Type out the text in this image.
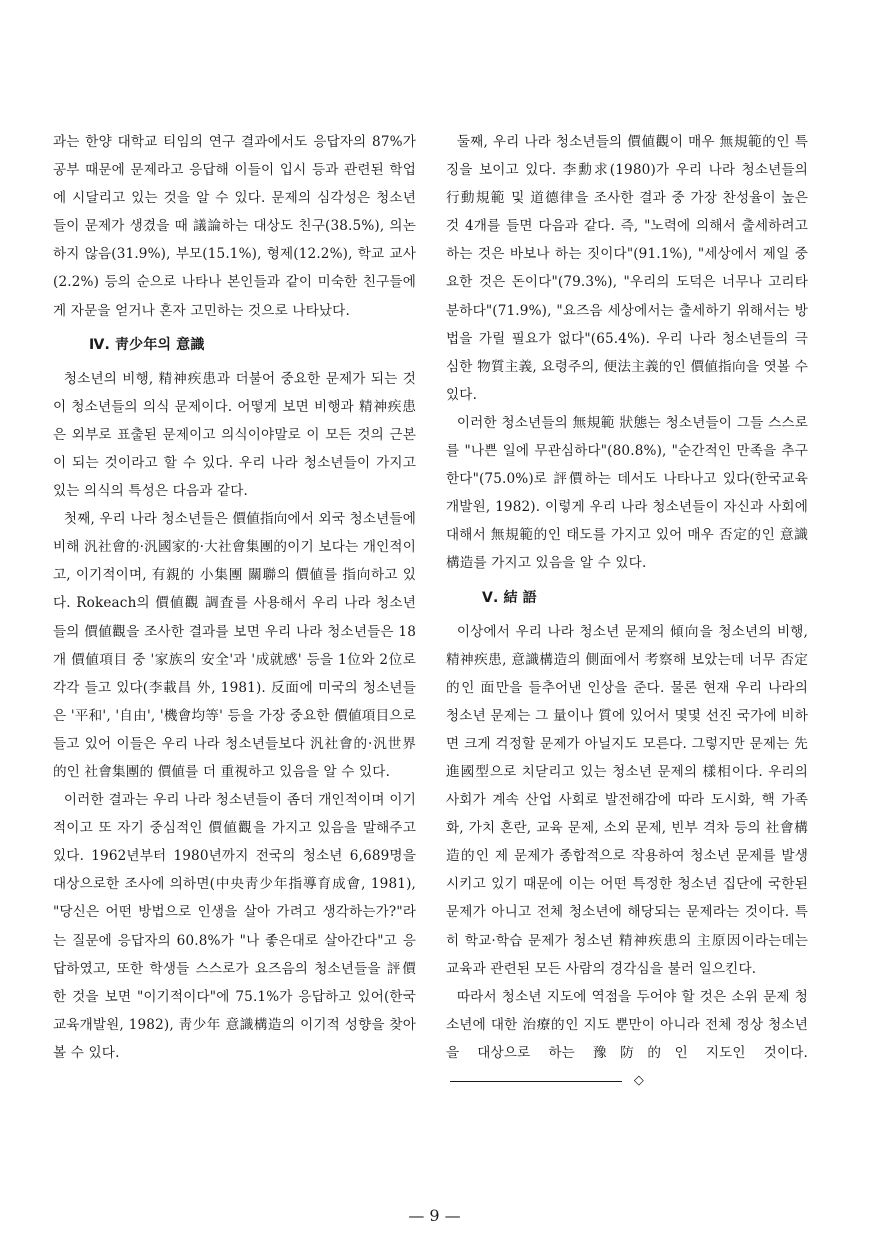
과는 한양 대학교 티임의 연구 결과에서도 응답자의 87%가 공부 때문에 문제라고 응답해 이들이 입시 등과 관련된 학업에 시달리고 있는 것을 알 수 있다. 문제의 심각성은 청소년들이 문제가 생겼을 때 議論하는 대상도 친구(38.5%), 의논하지 않음(31.9%), 부모(15.1%), 형제(12.2%), 학교 교사(2.2%) 등의 순으로 나타나 본인들과 같이 미숙한 친구들에게 자문을 얻거나 혼자 고민하는 것으로 나타났다.

Ⅳ. 靑少年의 意識

청소년의 비행, 精神疾患과 더불어 중요한 문제가 되는 것이 청소년들의 의식 문제이다. 어떻게 보면 비행과 精神疾患은 외부로 표출된 문제이고 의식이야말로 이 모든 것의 근본이 되는 것이라고 할 수 있다. 우리 나라 청소년들이 가지고 있는 의식의 특성은 다음과 같다.

첫째, 우리 나라 청소년들은 價値指向에서 외국 청소년들에 비해 汎社會的·汎國家的·大社會集團的이기 보다는 개인적이고, 이기적이며, 有親的 小集團 關聯의 價値를 指向하고 있다. Rokeach의 價値觀 調査를 사용해서 우리 나라 청소년들의 價値觀을 조사한 결과를 보면 우리 나라 청소년들은 18개 價値項目 중 '家族의 安全'과 '成就感' 등을 1位와 2位로 각각 들고 있다(李載昌 外, 1981). 反面에 미국의 청소년들은 '平和', '自由', '機會均等' 등을 가장 중요한 價値項目으로 들고 있어 이들은 우리 나라 청소년들보다 汎社會的·汎世界的인 社會集團的 價値를 더 重視하고 있음을 알 수 있다.

이러한 결과는 우리 나라 청소년들이 좀더 개인적이며 이기적이고 또 자기 중심적인 價値觀을 가지고 있음을 말해주고 있다. 1962년부터 1980년까지 전국의 청소년 6,689명을 대상으로한 조사에 의하면(中央靑少年指導育成會, 1981), "당신은 어떤 방법으로 인생을 살아 가려고 생각하는가?"라는 질문에 응답자의 60.8%가 "나 좋은대로 살아간다"고 응답하였고, 또한 학생들 스스로가 요즈음의 청소년들을 評價한 것을 보면 "이기적이다"에 75.1%가 응답하고 있어(한국교육개발원, 1982), 靑少年 意識構造의 이기적 성향을 찾아볼 수 있다.

둘째, 우리 나라 청소년들의 價値觀이 매우 無規範的인 특징을 보이고 있다. 李勳求(1980)가 우리 나라 청소년들의 行動規範 및 道德律을 조사한 결과 중 가장 찬성율이 높은 것 4개를 들면 다음과 같다. 즉, "노력에 의해서 출세하려고 하는 것은 바보나 하는 짓이다"(91.1%), "세상에서 제일 중요한 것은 돈이다"(79.3%), "우리의 도덕은 너무나 고리타분하다"(71.9%), "요즈음 세상에서는 출세하기 위해서는 방법을 가릴 필요가 없다"(65.4%). 우리 나라 청소년들의 극심한 物質主義, 요령주의, 便法主義的인 價値指向을 엿볼 수 있다.

이러한 청소년들의 無規範 狀態는 청소년들이 그들 스스로를 "나쁜 일에 무관심하다"(80.8%), "순간적인 만족을 추구한다"(75.0%)로 評價하는 데서도 나타나고 있다(한국교육개발원, 1982). 이렇게 우리 나라 청소년들이 자신과 사회에 대해서 無規範的인 태도를 가지고 있어 매우 否定的인 意識構造를 가지고 있음을 알 수 있다.

Ⅴ. 結 語

이상에서 우리 나라 청소년 문제의 傾向을 청소년의 비행, 精神疾患, 意識構造의 側面에서 考察해 보았는데 너무 否定的인 面만을 들추어낸 인상을 준다. 물론 현재 우리 나라의 청소년 문제는 그 量이나 質에 있어서 몇몇 선진 국가에 비하면 크게 걱정할 문제가 아닐지도 모른다. 그렇지만 문제는 先進國型으로 치닫리고 있는 청소년 문제의 樣相이다. 우리의 사회가 계속 산업 사회로 발전해감에 따라 도시화, 핵 가족화, 가치 혼란, 교육 문제, 소외 문제, 빈부 격차 등의 社會構造的인 제 문제가 종합적으로 작용하여 청소년 문제를 발생시키고 있기 때문에 이는 어떤 특정한 청소년 집단에 국한된 문제가 아니고 전체 청소년에 해당되는 문제라는 것이다. 특히 학교·학습 문제가 청소년 精神疾患의 主原因이라는데는 교육과 관련된 모든 사람의 경각심을 불러 일으킨다.

따라서 청소년 지도에 역점을 두어야 할 것은 소위 문제 청소년에 대한 治療的인 지도 뿐만이 아니라 전체 정상 청소년을 대상으로 하는 豫防的인 지도인 것이다.◇

— 9 —
